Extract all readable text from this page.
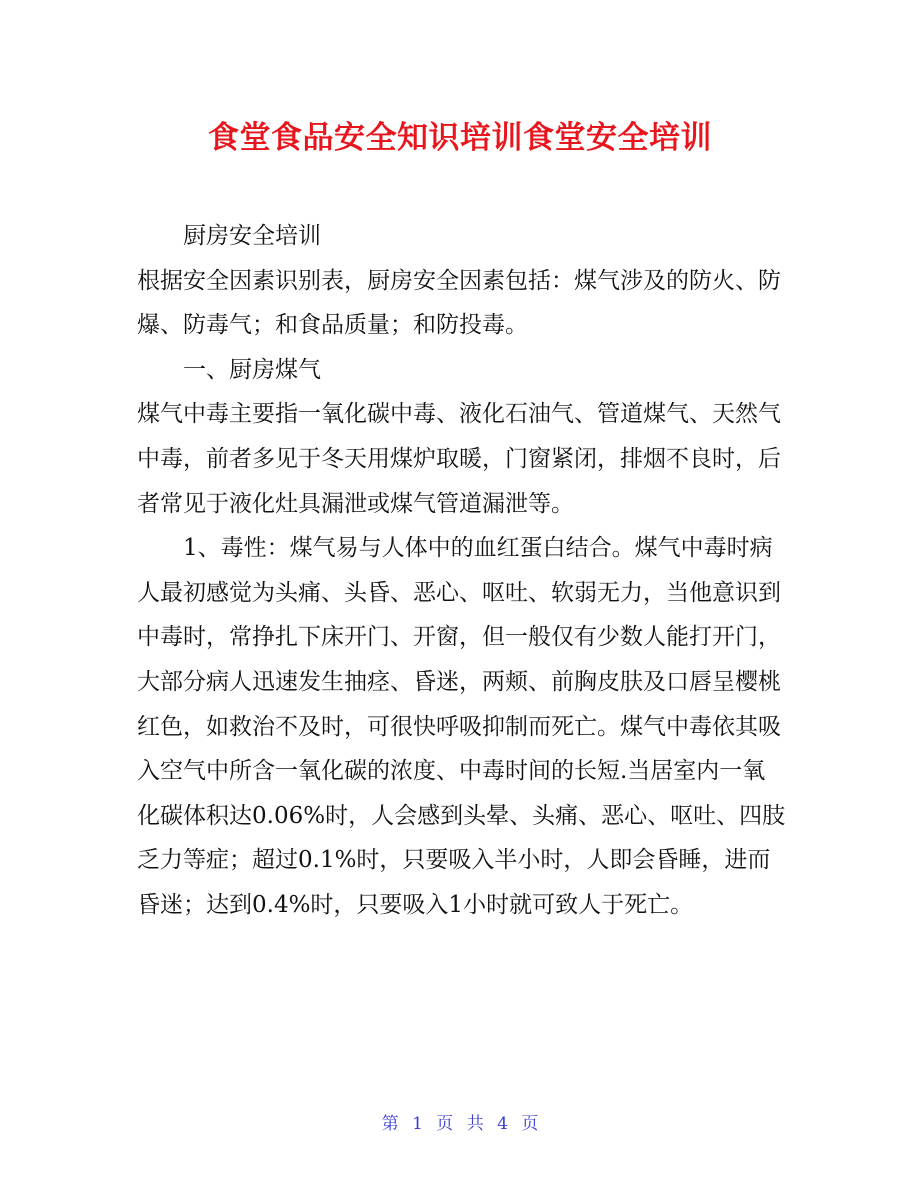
食堂食品安全知识培训食堂安全培训

厨房安全培训

根据安全因素识别表，厨房安全因素包括：煤气涉及的防火、防爆、防毒气；和食品质量；和防投毒。

一、厨房煤气

煤气中毒主要指一氧化碳中毒、液化石油气、管道煤气、天然气中毒，前者多见于冬天用煤炉取暖，门窗紧闭，排烟不良时，后者常见于液化灶具漏泄或煤气管道漏泄等。

1、毒性：煤气易与人体中的血红蛋白结合。煤气中毒时病人最初感觉为头痛、头昏、恶心、呕吐、软弱无力，当他意识到中毒时，常挣扎下床开门、开窗，但一般仅有少数人能打开门，大部分病人迅速发生抽痉、昏迷，两颊、前胸皮肤及口唇呈樱桃红色，如救治不及时，可很快呼吸抑制而死亡。煤气中毒依其吸入空气中所含一氧化碳的浓度、中毒时间的长短.当居室内一氧化碳体积达0.06%时，人会感到头晕、头痛、恶心、呕吐、四肢乏力等症；超过0.1%时，只要吸入半小时，人即会昏睡，进而昏迷；达到0.4%时，只要吸入1小时就可致人于死亡。

第 1 页 共 4 页
